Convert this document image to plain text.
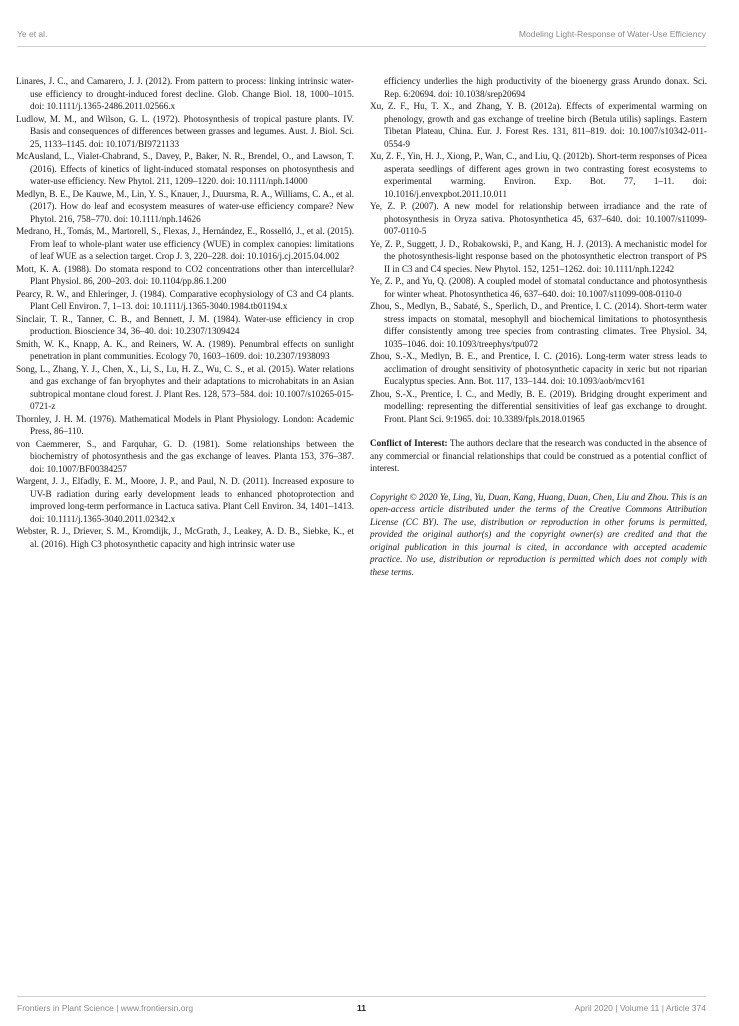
Ye et al.	Modeling Light-Response of Water-Use Efficiency

Linares, J. C., and Camarero, J. J. (2012). From pattern to process: linking intrinsic water-use efficiency to drought-induced forest decline. Glob. Change Biol. 18, 1000–1015. doi: 10.1111/j.1365-2486.2011.02566.x

Ludlow, M. M., and Wilson, G. L. (1972). Photosynthesis of tropical pasture plants. IV. Basis and consequences of differences between grasses and legumes. Aust. J. Biol. Sci. 25, 1133–1145. doi: 10.1071/BI9721133

McAusland, L., Vialet-Chabrand, S., Davey, P., Baker, N. R., Brendel, O., and Lawson, T. (2016). Effects of kinetics of light-induced stomatal responses on photosynthesis and water-use efficiency. New Phytol. 211, 1209–1220. doi: 10.1111/nph.14000

Medlyn, B. E., De Kauwe, M., Lin, Y. S., Knauer, J., Duursma, R. A., Williams, C. A., et al. (2017). How do leaf and ecosystem measures of water-use efficiency compare? New Phytol. 216, 758–770. doi: 10.1111/nph.14626

Medrano, H., Tomás, M., Martorell, S., Flexas, J., Hernández, E., Rosselló, J., et al. (2015). From leaf to whole-plant water use efficiency (WUE) in complex canopies: limitations of leaf WUE as a selection target. Crop J. 3, 220–228. doi: 10.1016/j.cj.2015.04.002

Mott, K. A. (1988). Do stomata respond to CO2 concentrations other than intercellular? Plant Physiol. 86, 200–203. doi: 10.1104/pp.86.1.200

Pearcy, R. W., and Ehleringer, J. (1984). Comparative ecophysiology of C3 and C4 plants. Plant Cell Environ. 7, 1–13. doi: 10.1111/j.1365-3040.1984.tb01194.x

Sinclair, T. R., Tanner, C. B., and Bennett, J. M. (1984). Water-use efficiency in crop production. Bioscience 34, 36–40. doi: 10.2307/1309424

Smith, W. K., Knapp, A. K., and Reiners, W. A. (1989). Penumbral effects on sunlight penetration in plant communities. Ecology 70, 1603–1609. doi: 10.2307/1938093

Song, L., Zhang, Y. J., Chen, X., Li, S., Lu, H. Z., Wu, C. S., et al. (2015). Water relations and gas exchange of fan bryophytes and their adaptations to microhabitats in an Asian subtropical montane cloud forest. J. Plant Res. 128, 573–584. doi: 10.1007/s10265-015-0721-z

Thornley, J. H. M. (1976). Mathematical Models in Plant Physiology. London: Academic Press, 86–110.

von Caemmerer, S., and Farquhar, G. D. (1981). Some relationships between the biochemistry of photosynthesis and the gas exchange of leaves. Planta 153, 376–387. doi: 10.1007/BF00384257

Wargent, J. J., Elfadly, E. M., Moore, J. P., and Paul, N. D. (2011). Increased exposure to UV-B radiation during early development leads to enhanced photoprotection and improved long-term performance in Lactuca sativa. Plant Cell Environ. 34, 1401–1413. doi: 10.1111/j.1365-3040.2011.02342.x

Webster, R. J., Driever, S. M., Kromdijk, J., McGrath, J., Leakey, A. D. B., Siebke, K., et al. (2016). High C3 photosynthetic capacity and high intrinsic water use

efficiency underlies the high productivity of the bioenergy grass Arundo donax. Sci. Rep. 6:20694. doi: 10.1038/srep20694

Xu, Z. F., Hu, T. X., and Zhang, Y. B. (2012a). Effects of experimental warming on phenology, growth and gas exchange of treeline birch (Betula utilis) saplings. Eastern Tibetan Plateau, China. Eur. J. Forest Res. 131, 811–819. doi: 10.1007/s10342-011-0554-9

Xu, Z. F., Yin, H. J., Xiong, P., Wan, C., and Liu, Q. (2012b). Short-term responses of Picea asperata seedlings of different ages grown in two contrasting forest ecosystems to experimental warming. Environ. Exp. Bot. 77, 1–11. doi: 10.1016/j.envexpbot.2011.10.011

Ye, Z. P. (2007). A new model for relationship between irradiance and the rate of photosynthesis in Oryza sativa. Photosynthetica 45, 637–640. doi: 10.1007/s11099-007-0110-5

Ye, Z. P., Suggett, J. D., Robakowski, P., and Kang, H. J. (2013). A mechanistic model for the photosynthesis-light response based on the photosynthetic electron transport of PS II in C3 and C4 species. New Phytol. 152, 1251–1262. doi: 10.1111/nph.12242

Ye, Z. P., and Yu, Q. (2008). A coupled model of stomatal conductance and photosynthesis for winter wheat. Photosynthetica 46, 637–640. doi: 10.1007/s11099-008-0110-0

Zhou, S., Medlyn, B., Sabaté, S., Sperlich, D., and Prentice, I. C. (2014). Short-term water stress impacts on stomatal, mesophyll and biochemical limitations to photosynthesis differ consistently among tree species from contrasting climates. Tree Physiol. 34, 1035–1046. doi: 10.1093/treephys/tpu072

Zhou, S.-X., Medlyn, B. E., and Prentice, I. C. (2016). Long-term water stress leads to acclimation of drought sensitivity of photosynthetic capacity in xeric but not riparian Eucalyptus species. Ann. Bot. 117, 133–144. doi: 10.1093/aob/mcv161

Zhou, S.-X., Prentice, I. C., and Medly, B. E. (2019). Bridging drought experiment and modelling: representing the differential sensitivities of leaf gas exchange to drought. Front. Plant Sci. 9:1965. doi: 10.3389/fpls.2018.01965

Conflict of Interest: The authors declare that the research was conducted in the absence of any commercial or financial relationships that could be construed as a potential conflict of interest.

Copyright © 2020 Ye, Ling, Yu, Duan, Kang, Huang, Duan, Chen, Liu and Zhou. This is an open-access article distributed under the terms of the Creative Commons Attribution License (CC BY). The use, distribution or reproduction in other forums is permitted, provided the original author(s) and the copyright owner(s) are credited and that the original publication in this journal is cited, in accordance with accepted academic practice. No use, distribution or reproduction is permitted which does not comply with these terms.

Frontiers in Plant Science | www.frontiersin.org	11	April 2020 | Volume 11 | Article 374
